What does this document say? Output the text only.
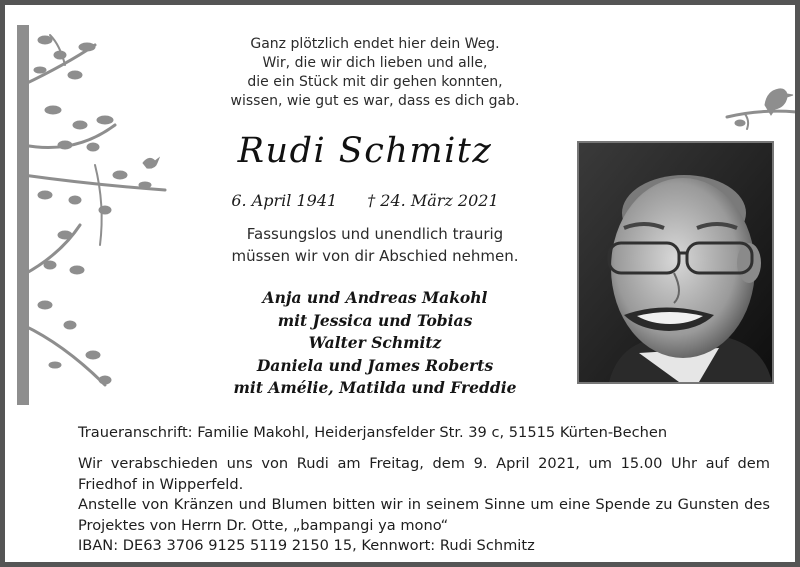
Ganz plötzlich endet hier dein Weg.
Wir, die wir dich lieben und alle,
die ein Stück mit dir gehen konnten,
wissen, wie gut es war, dass es dich gab.
Rudi Schmitz
6. April 1941 † 24. März 2021
Fassungslos und unendlich traurig
müssen wir von dir Abschied nehmen.
Anja und Andreas Makohl
mit Jessica und Tobias
Walter Schmitz
Daniela und James Roberts
mit Amélie, Matilda und Freddie
Traueranschrift: Familie Makohl, Heiderjansfelder Str. 39 c, 51515 Kürten-Bechen

Wir verabschieden uns von Rudi am Freitag, dem 9. April 2021, um 15.00 Uhr auf dem Friedhof in Wipperfeld.

Anstelle von Kränzen und Blumen bitten wir in seinem Sinne um eine Spende zu Gunsten des Projektes von Herrn Dr. Otte, „bampangi ya mono“

IBAN: DE63 3706 9125 5119 2150 15, Kennwort: Rudi Schmitz
